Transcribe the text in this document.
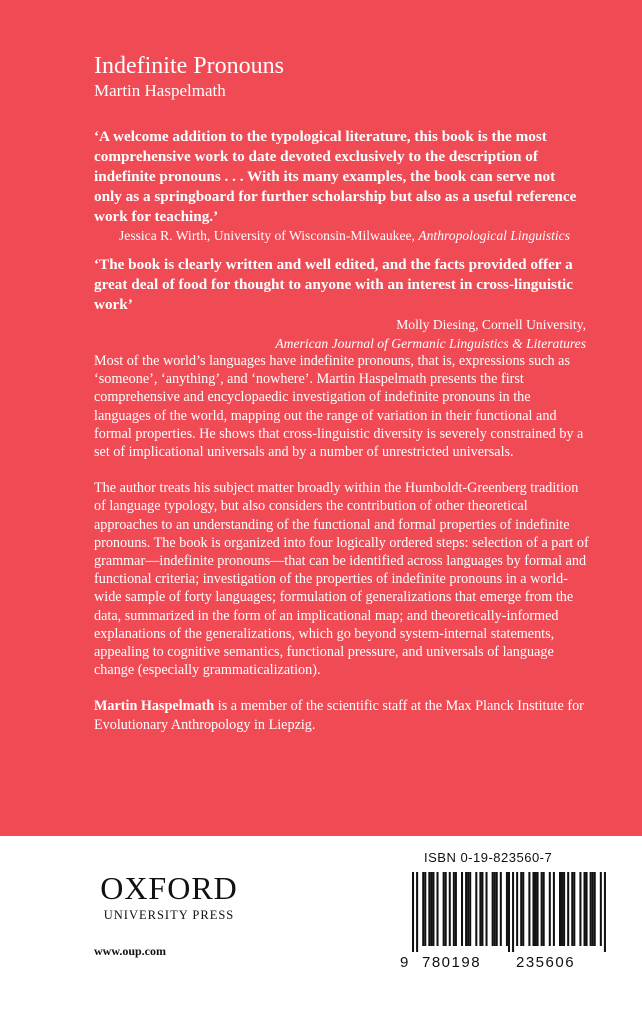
Indefinite Pronouns

Martin Haspelmath

‘A welcome addition to the typological literature, this book is the most comprehensive work to date devoted exclusively to the description of indefinite pronouns . . . With its many examples, the book can serve not only as a springboard for further scholarship but also as a useful reference work for teaching.’

Jessica R. Wirth, University of Wisconsin-Milwaukee, Anthropological Linguistics

‘The book is clearly written and well edited, and the facts provided offer a great deal of food for thought to anyone with an interest in cross-linguistic work’

Molly Diesing, Cornell University,

American Journal of Germanic Linguistics & Literatures

Most of the world’s languages have indefinite pronouns, that is, expressions such as ‘someone’, ‘anything’, and ‘nowhere’. Martin Haspelmath presents the first comprehensive and encyclopaedic investigation of indefinite pronouns in the languages of the world, mapping out the range of variation in their functional and formal properties. He shows that cross-linguistic diversity is severely constrained by a set of implicational universals and by a number of unrestricted universals.

The author treats his subject matter broadly within the Humboldt-Greenberg tradition of language typology, but also considers the contribution of other theoretical approaches to an understanding of the functional and formal properties of indefinite pronouns. The book is organized into four logically ordered steps: selection of a part of grammar—indefinite pronouns—that can be identified across languages by formal and functional criteria; investigation of the properties of indefinite pronouns in a world-wide sample of forty languages; formulation of generalizations that emerge from the data, summarized in the form of an implicational map; and theoretically-informed explanations of the generalizations, which go beyond system-internal statements, appealing to cognitive semantics, functional pressure, and universals of language change (especially grammaticalization).

Martin Haspelmath is a member of the scientific staff at the Max Planck Institute for Evolutionary Anthropology in Liepzig.

OXFORD
UNIVERSITY PRESS
www.oup.com
ISBN 0-19-823560-7
9 780198 235606
